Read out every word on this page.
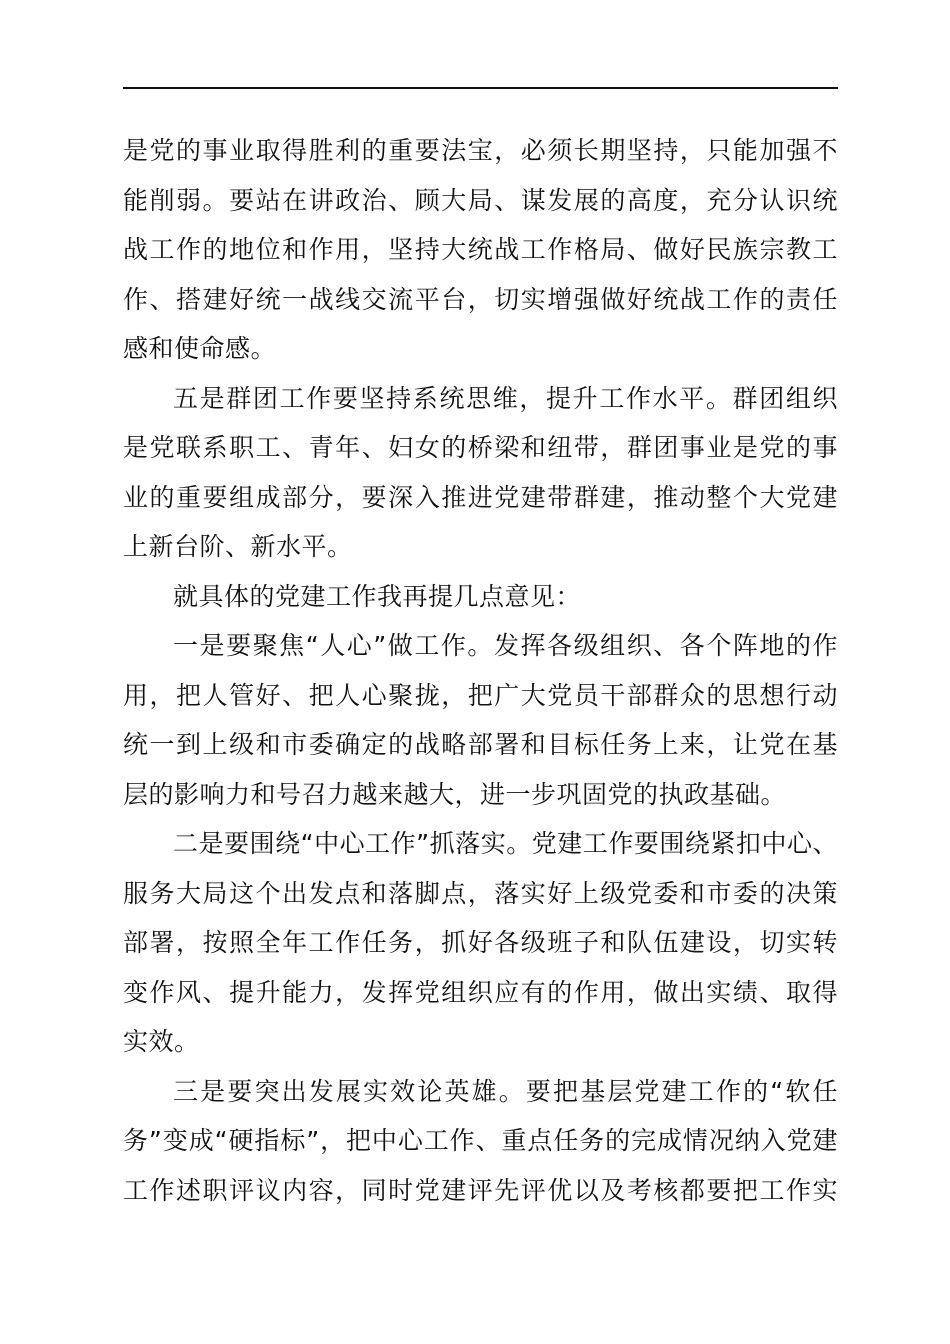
是党的事业取得胜利的重要法宝，必须长期坚持，只能加强不
能削弱。要站在讲政治、顾大局、谋发展的高度，充分认识统
战工作的地位和作用，坚持大统战工作格局、做好民族宗教工
作、搭建好统一战线交流平台，切实增强做好统战工作的责任
感和使命感。
五是群团工作要坚持系统思维，提升工作水平。群团组织
是党联系职工、青年、妇女的桥梁和纽带，群团事业是党的事
业的重要组成部分，要深入推进党建带群建，推动整个大党建
上新台阶、新水平。
就具体的党建工作我再提几点意见：
一是要聚焦“人心”做工作。发挥各级组织、各个阵地的作
用，把人管好、把人心聚拢，把广大党员干部群众的思想行动
统一到上级和市委确定的战略部署和目标任务上来，让党在基
层的影响力和号召力越来越大，进一步巩固党的执政基础。
二是要围绕“中心工作”抓落实。党建工作要围绕紧扣中心、
服务大局这个出发点和落脚点，落实好上级党委和市委的决策
部署，按照全年工作任务，抓好各级班子和队伍建设，切实转
变作风、提升能力，发挥党组织应有的作用，做出实绩、取得
实效。
三是要突出发展实效论英雄。要把基层党建工作的“软任
务”变成“硬指标”，把中心工作、重点任务的完成情况纳入党建
工作述职评议内容，同时党建评先评优以及考核都要把工作实
